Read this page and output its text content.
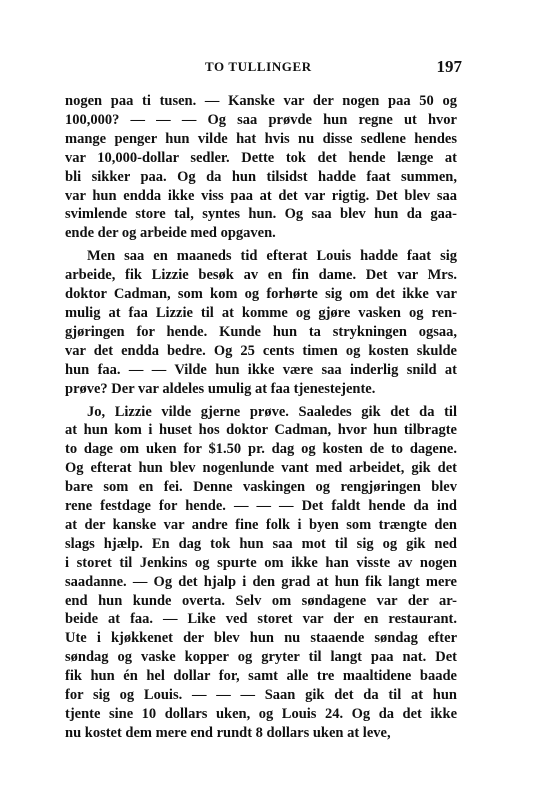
TO TULLINGER	197
nogen paa ti tusen. — Kanske var der nogen paa 50 og
100,000? — — — Og saa prøvde hun regne ut hvor
mange penger hun vilde hat hvis nu disse sedlene hendes
var 10,000-dollar sedler. Dette tok det hende længe at
bli sikker paa. Og da hun tilsidst hadde faat summen,
var hun endda ikke viss paa at det var rigtig. Det blev saa
svimlende store tal, syntes hun. Og saa blev hun da gaa-
ende der og arbeide med opgaven.
Men saa en maaneds tid efterat Louis hadde faat sig
arbeide, fik Lizzie besøk av en fin dame. Det var Mrs.
doktor Cadman, som kom og forhørte sig om det ikke var
mulig at faa Lizzie til at komme og gjøre vasken og ren-
gjøringen for hende. Kunde hun ta strykningen ogsaa,
var det endda bedre. Og 25 cents timen og kosten skulde
hun faa. — — Vilde hun ikke være saa inderlig snild at
prøve? Der var aldeles umulig at faa tjenestejente.
Jo, Lizzie vilde gjerne prøve. Saaledes gik det da til
at hun kom i huset hos doktor Cadman, hvor hun tilbragte
to dage om uken for $1.50 pr. dag og kosten de to dagene.
Og efterat hun blev nogenlunde vant med arbeidet, gik det
bare som en fei. Denne vaskingen og rengjøringen blev
rene festdage for hende. — — — Det faldt hende da ind
at der kanske var andre fine folk i byen som trængte den
slags hjælp. En dag tok hun saa mot til sig og gik ned
i storet til Jenkins og spurte om ikke han visste av nogen
saadanne. — Og det hjalp i den grad at hun fik langt mere
end hun kunde overta. Selv om søndagene var der ar-
beide at faa. — Like ved storet var der en restaurant.
Ute i kjøkkenet der blev hun nu staaende søndag efter
søndag og vaske kopper og gryter til langt paa nat. Det
fik hun én hel dollar for, samt alle tre maaltidene baade
for sig og Louis. — — — Saan gik det da til at hun
tjente sine 10 dollars uken, og Louis 24. Og da det ikke
nu kostet dem mere end rundt 8 dollars uken at leve,
